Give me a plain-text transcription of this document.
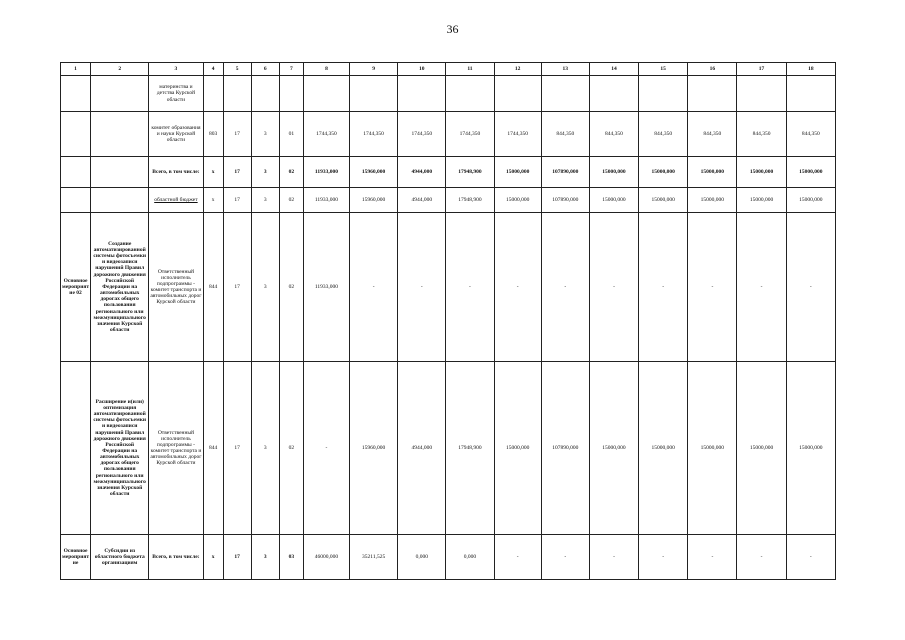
36
1	2	3	4	5	6	7	8	9	10	11	12	13	14	15	16	17	18
		материнства и детства Курской области															
		комитет образования и науки Курской области	803	17	3	01	1744,350	1744,350	1744,350	1744,350	1744,350	844,350	844,350	844,350	844,350	844,350	844,350
		Всего, в том числе:	х	17	3	02	11933,000	15960,000	4944,000	17948,900	15000,000	107890,000	15000,000	15000,000	15000,000	15000,000	15000,000
		областной бюджет	х	17	3	02	11933,000	15960,000	4944,000	17948,900	15000,000	107890,000	15000,000	15000,000	15000,000	15000,000	15000,000
Основное мероприятие 02	Создание автоматизированной системы фотосъемки и видеозаписи нарушений Правил дорожного движения Российской Федерации на автомобильных дорогах общего пользования регионального или межмуниципального значения Курской области	Ответственный исполнитель подпрограммы - комитет транспорта и автомобильных дорог Курской области	844	17	3	02	11933,000	-	-	-	-	-	-	-	-	-	-
	Расширение и(или) оптимизация автоматизированной системы фотосъемки и видеозаписи нарушений Правил дорожного движения Российской Федерации на автомобильных дорогах общего пользования регионального или межмуниципального значения Курской области	Ответственный исполнитель подпрограммы - комитет транспорта и автомобильных дорог Курской области	844	17	3	02	-	15960,000	4944,000	17948,900	15000,000	107890,000	15000,000	15000,000	15000,000	15000,000	15000,000
Основное мероприятие	Субсидии из областного бюджета организациям	Всего, в том числе:	х	17	3	03	46000,000	35211,525	0,000	0,000	-	-	-	-	-	-	-
